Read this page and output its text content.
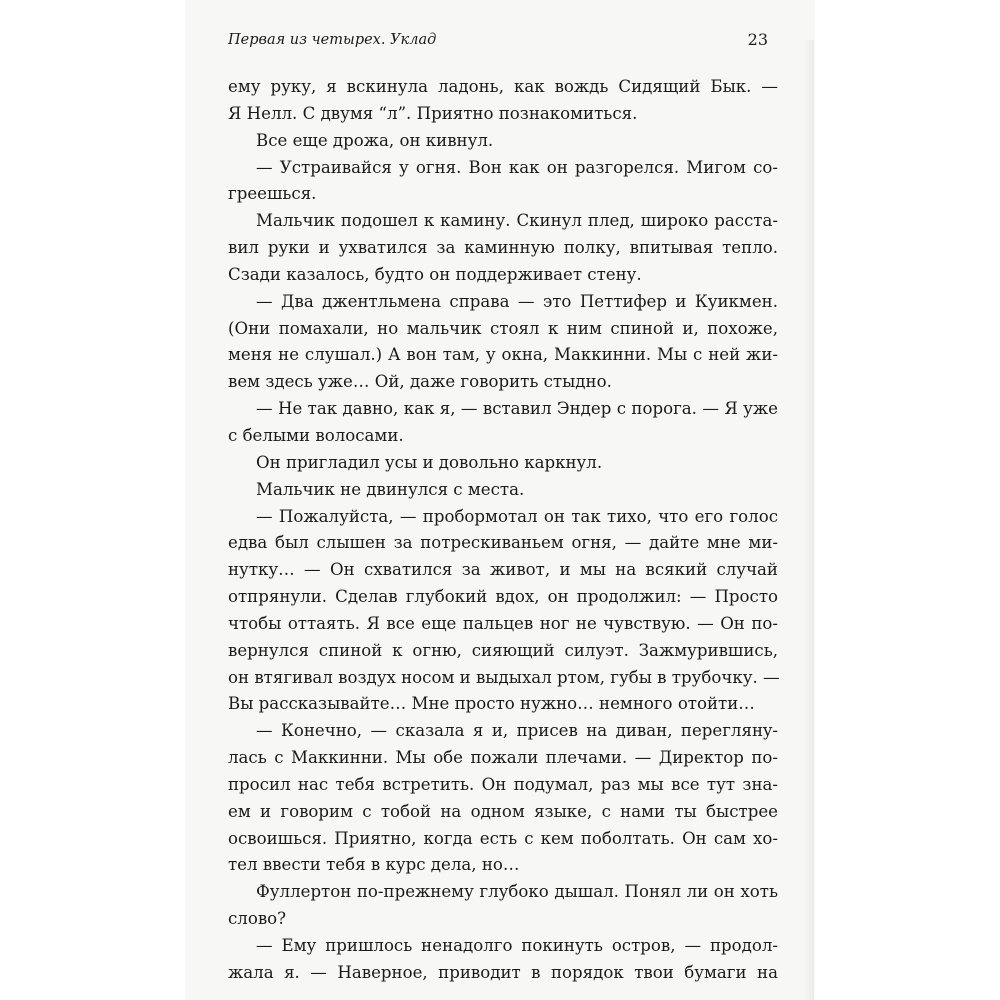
Первая из четырех. Уклад	23
ему руку, я вскинула ладонь, как вождь Сидящий Бык. —
Я Нелл. С двумя “л”. Приятно познакомиться.
Все еще дрожа, он кивнул.
— Устраивайся у огня. Вон как он разгорелся. Мигом со-
греешься.
Мальчик подошел к камину. Скинул плед, широко расста-
вил руки и ухватился за каминную полку, впитывая тепло.
Сзади казалось, будто он поддерживает стену.
— Два джентльмена справа — это Петтифер и Куикмен.
(Они помахали, но мальчик стоял к ним спиной и, похоже,
меня не слушал.) А вон там, у окна, Маккинни. Мы с ней жи-
вем здесь уже… Ой, даже говорить стыдно.
— Не так давно, как я, — вставил Эндер с порога. — Я уже
с белыми волосами.
Он пригладил усы и довольно каркнул.
Мальчик не двинулся с места.
— Пожалуйста, — пробормотал он так тихо, что его голос
едва был слышен за потрескиваньем огня, — дайте мне ми-
нутку… — Он схватился за живот, и мы на всякий случай
отпрянули. Сделав глубокий вдох, он продолжил: — Просто
чтобы оттаять. Я все еще пальцев ног не чувствую. — Он по-
вернулся спиной к огню, сияющий силуэт. Зажмурившись,
он втягивал воздух носом и выдыхал ртом, губы в трубочку. —
Вы рассказывайте… Мне просто нужно… немного отойти…
— Конечно, — сказала я и, присев на диван, переглянy-
лась с Маккинни. Мы обе пожали плечами. — Директор по-
просил нас тебя встретить. Он подумал, раз мы все тут зна-
ем и говорим с тобой на одном языке, с нами ты быстрее
освоишься. Приятно, когда есть с кем поболтать. Он сам хо-
тел ввести тебя в курс дела, но…
Фуллертон по-прежнему глубоко дышал. Понял ли он хоть
слово?
— Ему пришлось ненадолго покинуть остров, — продол-
жала я. — Наверное, приводит в порядок твои бумаги на
